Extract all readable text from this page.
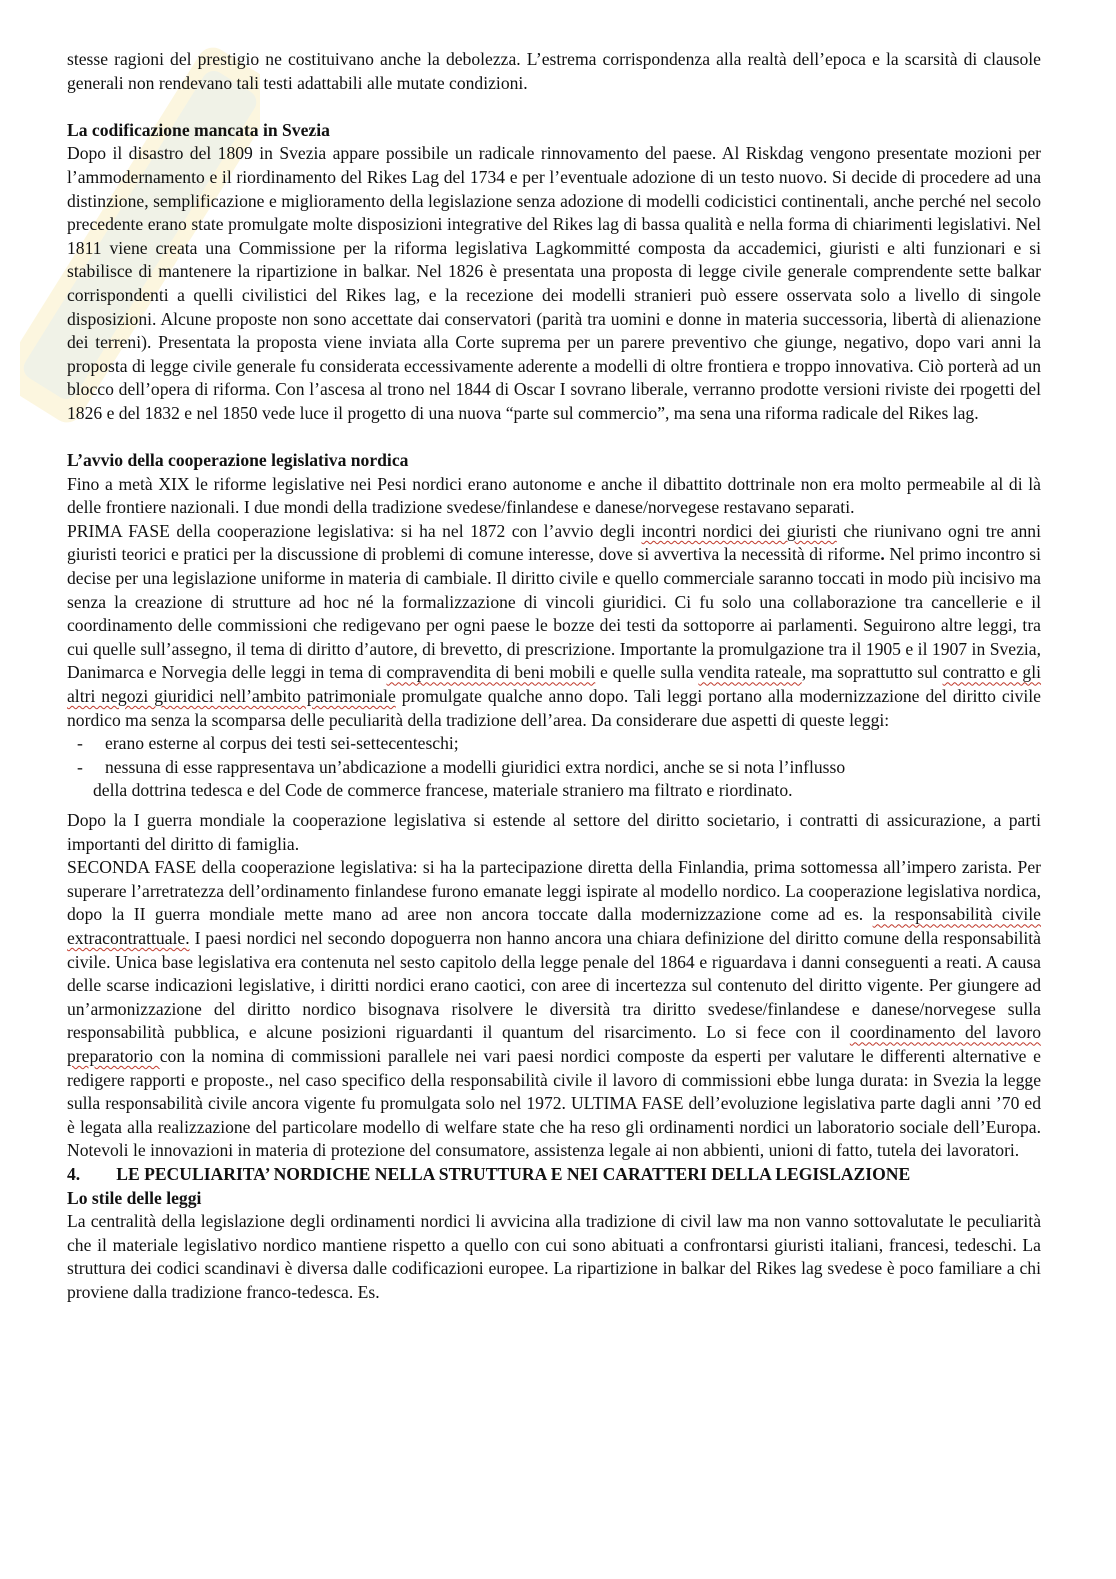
stesse ragioni del prestigio ne costituivano anche la debolezza. L’estrema corrispondenza alla realtà dell’epoca e la scarsità di clausole generali non rendevano tali testi adattabili alle mutate condizioni.

La codificazione mancata in Svezia

Dopo il disastro del 1809 in Svezia appare possibile un radicale rinnovamento del paese. Al Riskdag vengono presentate mozioni per l’ammodernamento e il riordinamento del Rikes Lag del 1734 e per l’eventuale adozione di un testo nuovo. Si decide di procedere ad una distinzione, semplificazione e miglioramento della legislazione senza adozione di modelli codicistici continentali, anche perché nel secolo precedente erano state promulgate molte disposizioni integrative del Rikes lag di bassa qualità e nella forma di chiarimenti legislativi. Nel 1811 viene creata una Commissione per la riforma legislativa Lagkommitté composta da accademici, giuristi e alti funzionari e si stabilisce di mantenere la ripartizione in balkar. Nel 1826 è presentata una proposta di legge civile generale comprendente sette balkar corrispondenti a quelli civilistici del Rikes lag, e la recezione dei modelli stranieri può essere osservata solo a livello di singole disposizioni. Alcune proposte non sono accettate dai conservatori (parità tra uomini e donne in materia successoria, libertà di alienazione dei terreni). Presentata la proposta viene inviata alla Corte suprema per un parere preventivo che giunge, negativo, dopo vari anni la proposta di legge civile generale fu considerata eccessivamente aderente a modelli di oltre frontiera e troppo innovativa. Ciò porterà ad un blocco dell’opera di riforma. Con l’ascesa al trono nel 1844 di Oscar I sovrano liberale, verranno prodotte versioni riviste dei rpogetti del 1826 e del 1832 e nel 1850 vede luce il progetto di una nuova “parte sul commercio”, ma sena una riforma radicale del Rikes lag.

L’avvio della cooperazione legislativa nordica

Fino a metà XIX le riforme legislative nei Pesi nordici erano autonome e anche il dibattito dottrinale non era molto permeabile al di là delle frontiere nazionali. I due mondi della tradizione svedese/finlandese e danese/norvegese restavano separati.

PRIMA FASE della cooperazione legislativa: si ha nel 1872 con l’avvio degli incontri nordici dei giuristi che riunivano ogni tre anni giuristi teorici e pratici per la discussione di problemi di comune interesse, dove si avvertiva la necessità di riforme. Nel primo incontro si decise per una legislazione uniforme in materia di cambiale. Il diritto civile e quello commerciale saranno toccati in modo più incisivo ma senza la creazione di strutture ad hoc né la formalizzazione di vincoli giuridici. Ci fu solo una collaborazione tra cancellerie e il coordinamento delle commissioni che redigevano per ogni paese le bozze dei testi da sottoporre ai parlamenti. Seguirono altre leggi, tra cui quelle sull’assegno, il tema di diritto d’autore, di brevetto, di prescrizione. Importante la promulgazione tra il 1905 e il 1907 in Svezia, Danimarca e Norvegia delle leggi in tema di compravendita di beni mobili e quelle sulla vendita rateale, ma soprattutto sul contratto e gli altri negozi giuridici nell’ambito patrimoniale promulgate qualche anno dopo. Tali leggi portano alla modernizzazione del diritto civile nordico ma senza la scomparsa delle peculiarità della tradizione dell’area. Da considerare due aspetti di queste leggi:

- erano esterne al corpus dei testi sei-settecenteschi;
- nessuna di esse rappresentava un’abdicazione a modelli giuridici extra nordici, anche se si nota l’influsso
della dottrina tedesca e del Code de commerce francese, materiale straniero ma filtrato e riordinato.

Dopo la I guerra mondiale la cooperazione legislativa si estende al settore del diritto societario, i contratti di assicurazione, a parti importanti del diritto di famiglia.

SECONDA FASE della cooperazione legislativa: si ha la partecipazione diretta della Finlandia, prima sottomessa all’impero zarista. Per superare l’arretratezza dell’ordinamento finlandese furono emanate leggi ispirate al modello nordico. La cooperazione legislativa nordica, dopo la II guerra mondiale mette mano ad aree non ancora toccate dalla modernizzazione come ad es. la responsabilità civile extracontrattuale. I paesi nordici nel secondo dopoguerra non hanno ancora una chiara definizione del diritto comune della responsabilità civile. Unica base legislativa era contenuta nel sesto capitolo della legge penale del 1864 e riguardava i danni conseguenti a reati. A causa delle scarse indicazioni legislative, i diritti nordici erano caotici, con aree di incertezza sul contenuto del diritto vigente. Per giungere ad un’armonizzazione del diritto nordico bisognava risolvere le diversità tra diritto svedese/finlandese e danese/norvegese sulla responsabilità pubblica, e alcune posizioni riguardanti il quantum del risarcimento. Lo si fece con il coordinamento del lavoro preparatorio con la nomina di commissioni parallele nei vari paesi nordici composte da esperti per valutare le differenti alternative e redigere rapporti e proposte., nel caso specifico della responsabilità civile il lavoro di commissioni ebbe lunga durata: in Svezia la legge sulla responsabilità civile ancora vigente fu promulgata solo nel 1972. ULTIMA FASE dell’evoluzione legislativa parte dagli anni ’70 ed è legata alla realizzazione del particolare modello di welfare state che ha reso gli ordinamenti nordici un laboratorio sociale dell’Europa. Notevoli le innovazioni in materia di protezione del consumatore, assistenza legale ai non abbienti, unioni di fatto, tutela dei lavoratori.

4. LE PECULIARITA’ NORDICHE NELLA STRUTTURA E NEI CARATTERI DELLA LEGISLAZIONE
Lo stile delle leggi

La centralità della legislazione degli ordinamenti nordici li avvicina alla tradizione di civil law ma non vanno sottovalutate le peculiarità che il materiale legislativo nordico mantiene rispetto a quello con cui sono abituati a confrontarsi giuristi italiani, francesi, tedeschi. La struttura dei codici scandinavi è diversa dalle codificazioni europee. La ripartizione in balkar del Rikes lag svedese è poco familiare a chi proviene dalla tradizione franco-tedesca. Es.
